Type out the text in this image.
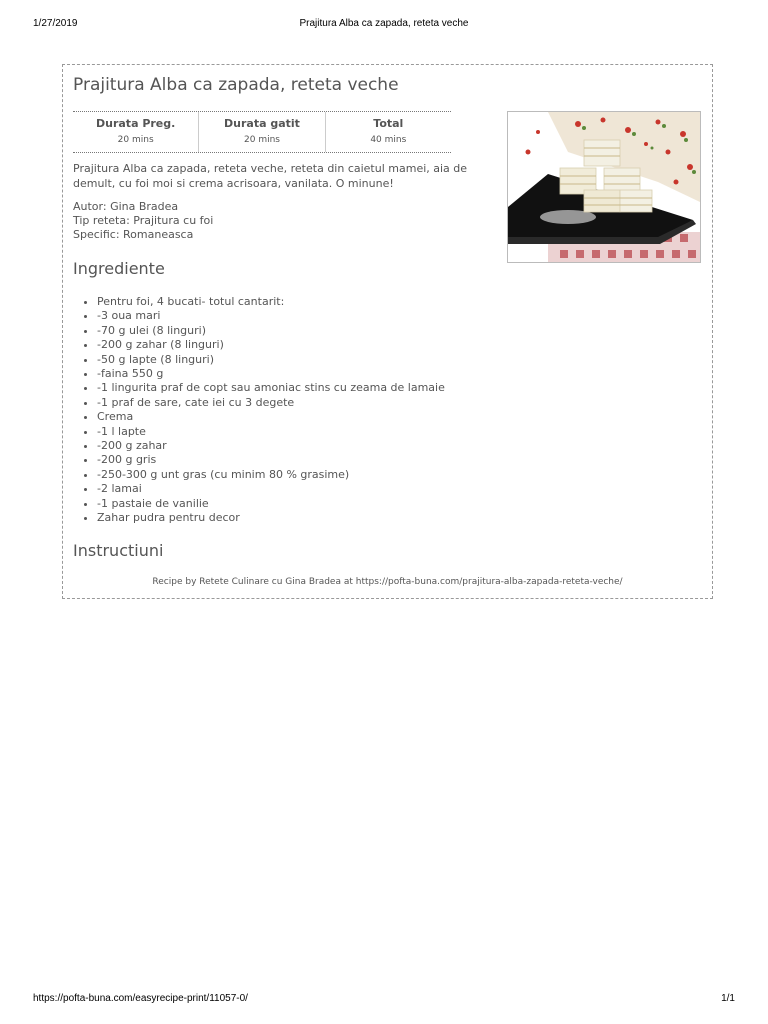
1/27/2019	Prajitura Alba ca zapada, reteta veche
Prajitura Alba ca zapada, reteta veche
Durata Preg.
20 mins
Durata gatit
20 mins
Total
40 mins

Prajitura Alba ca zapada, reteta veche, reteta din caietul mamei, aia de demult, cu foi moi si crema acrisoara, vanilata. O minune!

Autor: Gina Bradea
Tip reteta: Prajitura cu foi
Specific: Romaneasca
Ingrediente
• Pentru foi, 4 bucati- totul cantarit:
• -3 oua mari
• -70 g ulei (8 linguri)
• -200 g zahar (8 linguri)
• -50 g lapte (8 linguri)
• -faina 550 g
• -1 lingurita praf de copt sau amoniac stins cu zeama de lamaie
• -1 praf de sare, cate iei cu 3 degete
• Crema
• -1 l lapte
• -200 g zahar
• -200 g gris
• -250-300 g unt gras (cu minim 80 % grasime)
• -2 lamai
• -1 pastaie de vanilie
• Zahar pudra pentru decor
Instructiuni
Recipe by Retete Culinare cu Gina Bradea at https://pofta-buna.com/prajitura-alba-zapada-reteta-veche/
https://pofta-buna.com/easyrecipe-print/11057-0/	1/1
